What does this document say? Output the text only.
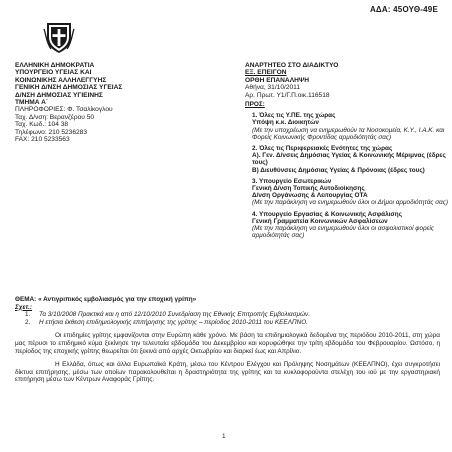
ΑΔΑ: 45ΟΥΘ-49Ε
ΕΛΛΗΝΙΚΗ ΔΗΜΟΚΡΑΤΙΑ
ΥΠΟΥΡΓΕΙΟ ΥΓΕΙΑΣ ΚΑΙ
ΚΟΙΝΩΝΙΚΗΣ ΑΛΛΗΛΕΓΓΥΗΣ
ΓΕΝΙΚΗ Δ/ΝΣΗ ΔΗΜΟΣΙΑΣ ΥΓΕΙΑΣ
Δ/ΝΣΗ ΔΗΜΟΣΙΑΣ ΥΓΙΕΙΝΗΣ
ΤΜΗΜΑ Α΄
ΠΛΗΡΟΦΟΡΙΕΣ: Φ. Τσαλίκογλου
Ταχ. Δ/νση: Βερανζέρου 50
Ταχ. Κωδ.: 104 38
Τηλέφωνο: 210 5236283
FAX: 210 5233563
ΑΝΑΡΤΗΤΕΟ ΣΤΟ ΔΙΑΔΙΚΤΥΟ
ΕΞ. ΕΠΕΙΓΟΝ
ΟΡΘΗ ΕΠΑΝΑΛΗΨΗ
Αθήνα, 31/10/2011
Αρ. Πρωτ. Υ1/Γ.Π.οικ.116518
ΠΡΟΣ:
1. Όλες τις Υ.ΠΕ. της χώρας
Υπόψη κ.κ. Διοικητών
(Με την υποχρέωση να ενημερωθούν τα Νοσοκομεία, Κ.Υ., Ι.Α.Κ. και Φορείς Κοινωνικής Φροντίδας αρμοδιότητάς σας)
2. Όλες τις Περιφερειακές Ενότητες της χώρας
Α). Γεν. Δ/νσεις Δημόσιας Υγείας & Κοινωνικής Μέριμνας (έδρες τους)
Β) Διευθύνσεις Δημόσιας Υγείας & Πρόνοιας (έδρες τους)
3. Υπουργείο Εσωτερικών
Γενική Δ/νση Τοπικής Αυτοδιοίκησης
Δ/νση Οργάνωσης & Λειτουργίας ΟΤΑ
(Με την παράκληση να ενημερωθούν όλοι οι Δήμοι αρμοδιότητάς σας)
4. Υπουργείο Εργασίας & Κοινωνικής Ασφάλισης
Γενική Γραμματεία Κοινωνικών Ασφαλίσεων
(Με την παράκληση να ενημερωθούν όλοι οι ασφαλιστικοί φορείς αρμοδιότητάς σας)
ΘΕΜΑ: « Αντιγριπικός εμβολιασμός για την εποχική γρίπη»
Σχετ.:
1.	Τα 3/10/2008 Πρακτικά και η από 12/10/2010 Συνεδρίαση της Εθνικής Επιτροπής Εμβολιασμών.
2.	Η ετήσια έκθεση επιδημιολογικής επιτήρησης της γρίπης – περίοδος 2010-2011 του ΚΕΕΛΠΝΟ.
Οι επιδημίες γρίπης εμφανίζονται στην Ευρώπη κάθε χρόνο. Με βάση τα επιδημιολογικά δεδομένα της περιόδου 2010-2011, στη χώρα μας πέρυσι το επιδημικό κύμα ξεκίνησε την τελευταία εβδομάδα του Δεκεμβρίου και κορυφώθηκε την τρίτη εβδομάδα του Φεβρουαρίου. Ωστόσο, η περίοδος της εποχικής γρίπης θεωρείται ότι ξεκινά από αρχές Οκτωβρίου και διαρκεί έως και Απρίλιο.
Η Ελλάδα, όπως και άλλα Ευρωπαϊκά Κράτη, μέσω του Κέντρου Ελέγχου και Πρόληψης Νοσημάτων (ΚΕΕΛΠΝΟ), έχει συγκροτήσει δίκτυα επιτήρησης, μέσω των οποίων παρακολουθείται η δραστηριότητα της γρίπης και τα κυκλοφορούντα στελέχη του ιού με την εργαστηριακή επιτήρηση μέσω των Κέντρων Αναφοράς Γρίπης.
1
